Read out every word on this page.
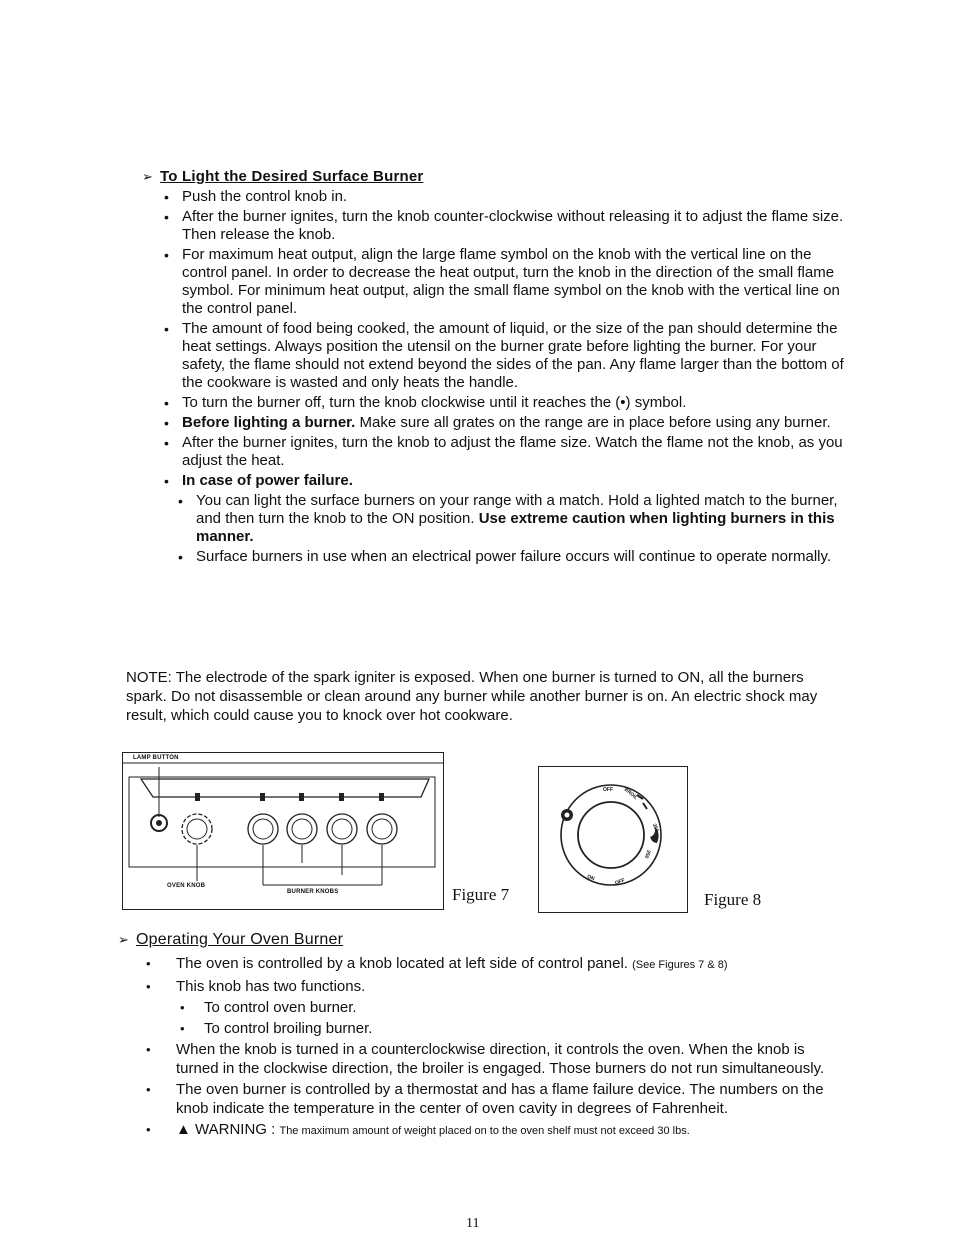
➢ To Light the Desired Surface Burner
• Push the control knob in.
• After the burner ignites, turn the knob counter-clockwise without releasing it to adjust the flame size. Then release the knob.
• For maximum heat output, align the large flame symbol on the knob with the vertical line on the control panel. In order to decrease the heat output, turn the knob in the direction of the small flame symbol. For minimum heat output, align the small flame symbol on the knob with the vertical line on the control panel.
• The amount of food being cooked, the amount of liquid, or the size of the pan should determine the heat settings. Always position the utensil on the burner grate before lighting the burner. For your safety, the flame should not extend beyond the sides of the pan. Any flame larger than the bottom of the cookware is wasted and only heats the handle.
• To turn the burner off, turn the knob clockwise until it reaches the (•) symbol.
• Before lighting a burner. Make sure all grates on the range are in place before using any burner.
• After the burner ignites, turn the knob to adjust the flame size. Watch the flame not the knob, as you adjust the heat.
• In case of power failure.
• You can light the surface burners on your range with a match. Hold a lighted match to the burner, and then turn the knob to the ON position. Use extreme caution when lighting burners in this manner.
• Surface burners in use when an electrical power failure occurs will continue to operate normally.
NOTE: The electrode of the spark igniter is exposed. When one burner is turned to ON, all the burners spark. Do not disassemble or clean around any burner while another burner is on. An electric shock may result, which could cause you to knock over hot cookware.
LAMP BUTTON
OVEN KNOB
BURNER KNOBS	Figure 7
OFF BROIL
350
250
OFF
ON
Figure 8
➢ Operating Your Oven Burner
• The oven is controlled by a knob located at left side of control panel. (See Figures 7 & 8)
• This knob has two functions.
• To control oven burner.
• To control broiling burner.
• When the knob is turned in a counterclockwise direction, it controls the oven. When the knob is turned in the clockwise direction, the broiler is engaged. Those burners do not run simultaneously.
• The oven burner is controlled by a thermostat and has a flame failure device. The numbers on the knob indicate the temperature in the center of oven cavity in degrees of Fahrenheit.
• ▲ WARNING : The maximum amount of weight placed on to the oven shelf must not exceed 30 lbs.
11
